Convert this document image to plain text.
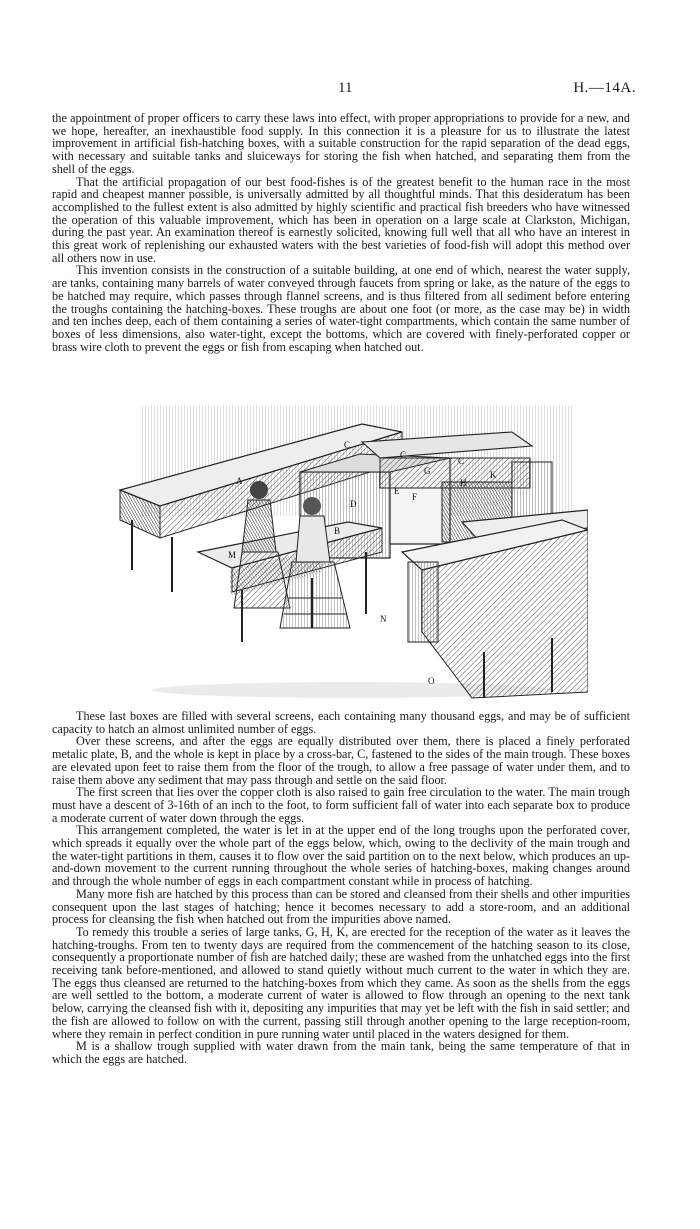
11	H.—14A.

the appointment of proper officers to carry these laws into effect, with proper appropriations to provide for a new, and we hope, hereafter, an inexhaustible food supply. In this connection it is a pleasure for us to illustrate the latest improvement in artificial fish-hatching boxes, with a suitable construction for the rapid separation of the dead eggs, with necessary and suitable tanks and sluiceways for storing the fish when hatched, and separating them from the shell of the eggs.

That the artificial propagation of our best food-fishes is of the greatest benefit to the human race in the most rapid and cheapest manner possible, is universally admitted by all thoughtful minds. That this desideratum has been accomplished to the fullest extent is also admitted by highly scientific and practical fish breeders who have witnessed the operation of this valuable improvement, which has been in operation on a large scale at Clarkston, Michigan, during the past year. An examination thereof is earnestly solicited, knowing full well that all who have an interest in this great work of replenishing our exhausted waters with the best varieties of food-fish will adopt this method over all others now in use.

This invention consists in the construction of a suitable building, at one end of which, nearest the water supply, are tanks, containing many barrels of water conveyed through faucets from spring or lake, as the nature of the eggs to be hatched may require, which passes through flannel screens, and is thus filtered from all sediment before entering the troughs containing the hatching-boxes. These troughs are about one foot (or more, as the case may be) in width and ten inches deep, each of them containing a series of water-tight compartments, which contain the same number of boxes of less dimensions, also water-tight, except the bottoms, which are covered with finely-perforated copper or brass wire cloth to prevent the eggs or fish from escaping when hatched out.

A
B
C
C
C
D
E
F
G
H
K
M
N
O

These last boxes are filled with several screens, each containing many thousand eggs, and may be of sufficient capacity to hatch an almost unlimited number of eggs.

Over these screens, and after the eggs are equally distributed over them, there is placed a finely perforated metalic plate, B, and the whole is kept in place by a cross-bar, C, fastened to the sides of the main trough. These boxes are elevated upon feet to raise them from the floor of the trough, to allow a free passage of water under them, and to raise them above any sediment that may pass through and settle on the said floor.

The first screen that lies over the copper cloth is also raised to gain free circulation to the water. The main trough must have a descent of 3-16th of an inch to the foot, to form sufficient fall of water into each separate box to produce a moderate current of water down through the eggs.

This arrangement completed, the water is let in at the upper end of the long troughs upon the perforated cover, which spreads it equally over the whole part of the eggs below, which, owing to the declivity of the main trough and the water-tight partitions in them, causes it to flow over the said partition on to the next below, which produces an up-and-down movement to the current running throughout the whole series of hatching-boxes, making changes around and through the whole number of eggs in each compartment constant while in process of hatching.

Many more fish are hatched by this process than can be stored and cleansed from their shells and other impurities consequent upon the last stages of hatching; hence it becomes necessary to add a store-room, and an additional process for cleansing the fish when hatched out from the impurities above named.

To remedy this trouble a series of large tanks, G, H, K, are erected for the reception of the water as it leaves the hatching-troughs. From ten to twenty days are required from the commencement of the hatching season to its close, consequently a proportionate number of fish are hatched daily; these are washed from the unhatched eggs into the first receiving tank before-mentioned, and allowed to stand quietly without much current to the water in which they are. The eggs thus cleansed are returned to the hatching-boxes from which they came. As soon as the shells from the eggs are well settled to the bottom, a moderate current of water is allowed to flow through an opening to the next tank below, carrying the cleansed fish with it, depositing any impurities that may yet be left with the fish in said settler; and the fish are allowed to follow on with the current, passing still through another opening to the large reception-room, where they remain in perfect condition in pure running water until placed in the waters designed for them.

M is a shallow trough supplied with water drawn from the main tank, being the same temperature of that in which the eggs are hatched.
